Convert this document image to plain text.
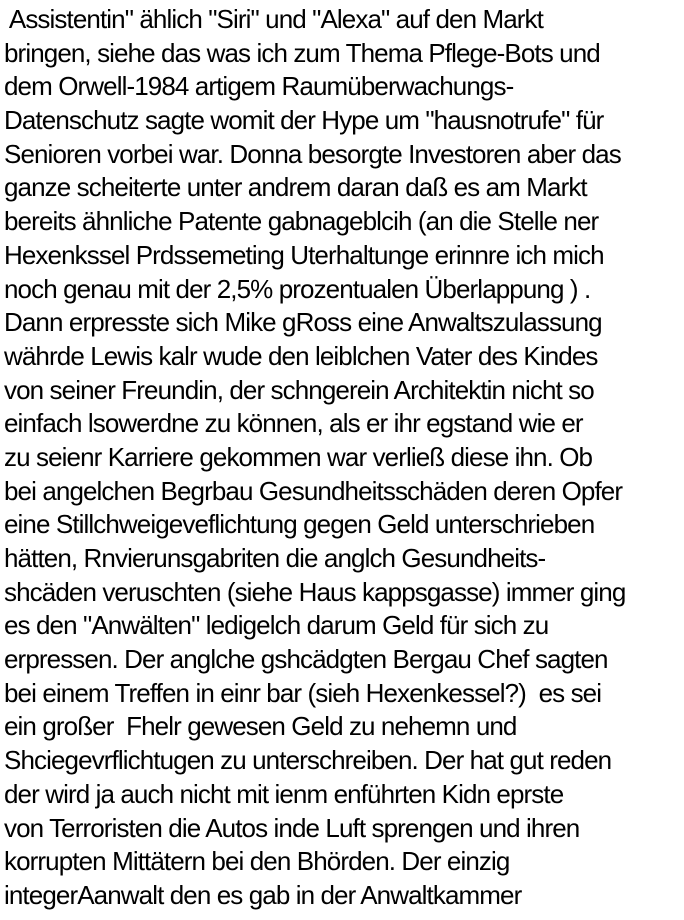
Assistentin" ählich "Siri" und "Alexa" auf den Markt
bringen, siehe das was ich zum Thema Pflege-Bots und
dem Orwell-1984 artigem Raumüberwachungs-
Datenschutz sagte womit der Hype um "hausnotrufe" für
Senioren vorbei war. Donna besorgte Investoren aber das
ganze scheiterte unter andrem daran daß es am Markt
bereits ähnliche Patente gabnageblcih (an die Stelle ner
Hexenkssel Prdssemeting Uterhaltunge erinnre ich mich
noch genau mit der 2,5% prozentualen Überlappung ) .
Dann erpresste sich Mike gRoss eine Anwaltszulassung
währde Lewis kalr wude den leiblchen Vater des Kindes
von seiner Freundin, der schngerein Architektin nicht so
einfach lsowerdne zu können, als er ihr egstand wie er
zu seienr Karriere gekommen war verließ diese ihn. Ob
bei angelchen Begrbau Gesundheitsschäden deren Opfer
eine Stillchweigeveflichtung gegen Geld unterschrieben
hätten, Rnvierunsgabriten die anglch Gesundheits-
shcäden veruschten (siehe Haus kappsgasse) immer ging
es den "Anwälten" ledigelch darum Geld für sich zu
erpressen. Der anglche gshcädgten Bergau Chef sagten
bei einem Treffen in einr bar (sieh Hexenkessel?)  es sei
ein großer  Fhelr gewesen Geld zu nehemn und
Shciegevrflichtugen zu unterschreiben. Der hat gut reden
der wird ja auch nicht mit ienm enführten Kidn eprste
von Terroristen die Autos inde Luft sprengen und ihren
korrupten Mittätern bei den Bhörden. Der einzig
integerAanwalt den es gab in der Anwaltkammer
